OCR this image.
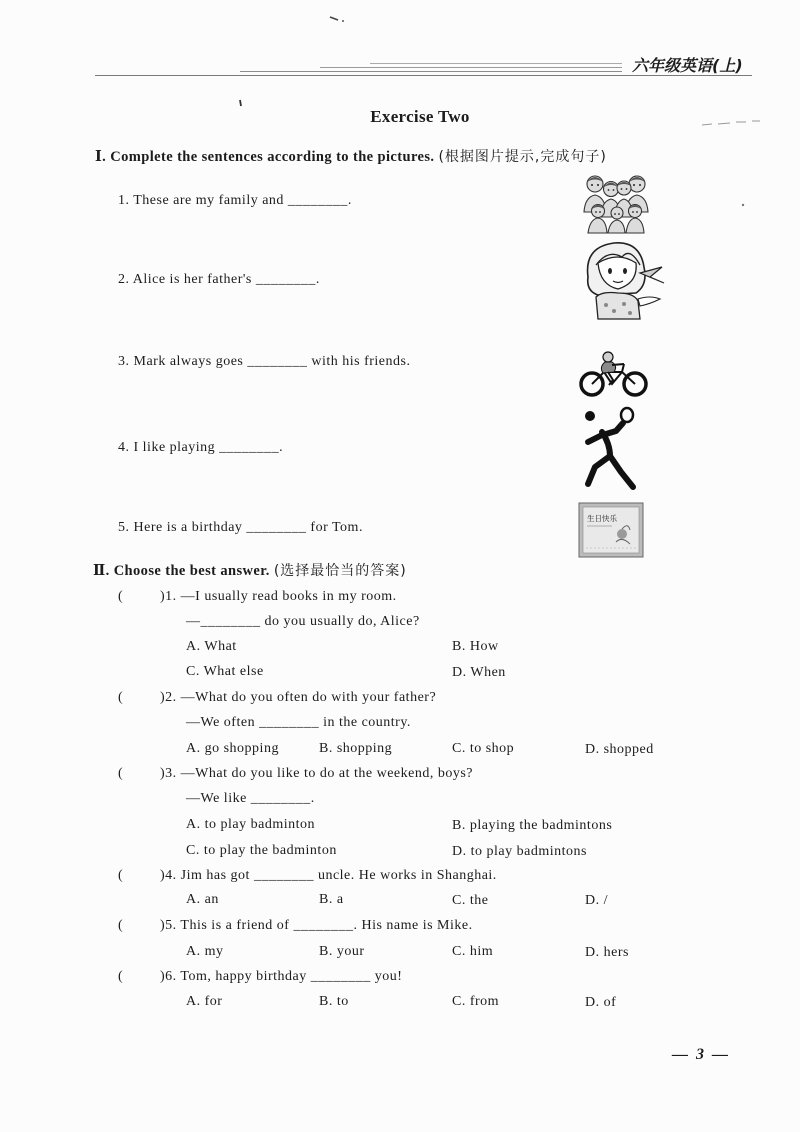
六年级英语(上)
Exercise Two
Ⅰ. Complete the sentences according to the pictures. (根据图片提示,完成句子)
1. These are my family and ________.
2. Alice is her father's ________.
3. Mark always goes ________ with his friends.
4. I like playing ________.
5. Here is a birthday ________ for Tom.
生日快乐
Ⅱ. Choose the best answer. (选择最恰当的答案)
(	)1. —I usually read books in my room.
—________ do you usually do, Alice?
A. What	B. How
C. What else	D. When
(	)2. —What do you often do with your father?
—We often ________ in the country.
A. go shopping	B. shopping	C. to shop	D. shopped
(	)3. —What do you like to do at the weekend, boys?
—We like ________.
A. to play badminton	B. playing the badmintons
C. to play the badminton	D. to play badmintons
(	)4. Jim has got ________ uncle. He works in Shanghai.
A. an	B. a	C. the	D. /
(	)5. This is a friend of ________. His name is Mike.
A. my	B. your	C. him	D. hers
(	)6. Tom, happy birthday ________ you!
A. for	B. to	C. from	D. of
— 3 —
